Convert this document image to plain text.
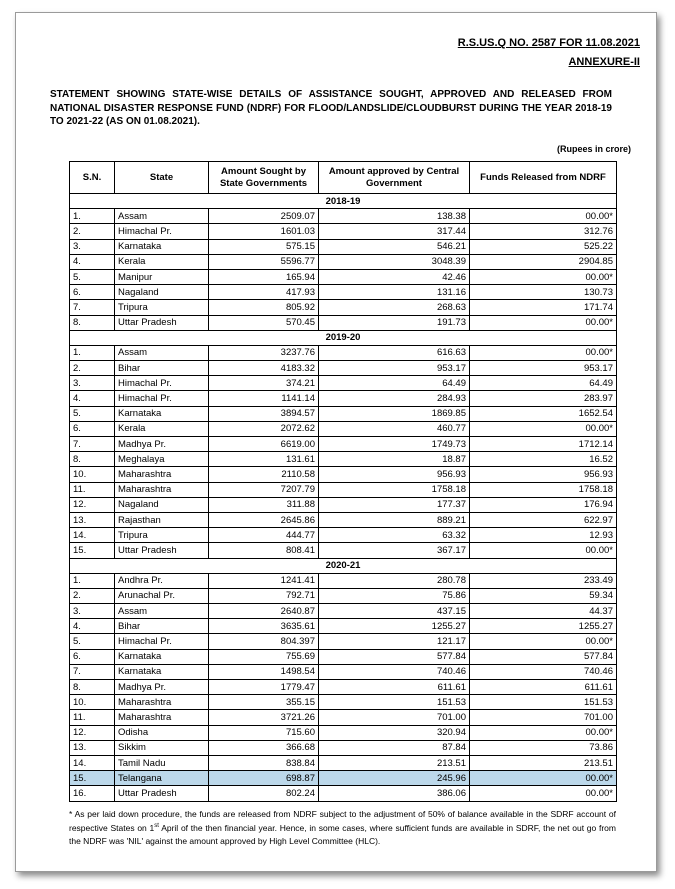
R.S.US.Q NO. 2587 FOR 11.08.2021
ANNEXURE-II
STATEMENT SHOWING STATE-WISE DETAILS OF ASSISTANCE SOUGHT, APPROVED AND RELEASED FROM NATIONAL DISASTER RESPONSE FUND (NDRF) FOR FLOOD/LANDSLIDE/CLOUDBURST DURING THE YEAR 2018-19 TO 2021-22 (AS ON 01.08.2021).
(Rupees in crore)
S.N.	State	Amount Sought by State Governments	Amount approved by Central Government	Funds Released from NDRF
2018-19				
1.	Assam	2509.07	138.38	00.00*
2.	Himachal Pr.	1601.03	317.44	312.76
3.	Karnataka	575.15	546.21	525.22
4.	Kerala	5596.77	3048.39	2904.85
5.	Manipur	165.94	42.46	00.00*
6.	Nagaland	417.93	131.16	130.73
7.	Tripura	805.92	268.63	171.74
8.	Uttar Pradesh	570.45	191.73	00.00*
2019-20				
1.	Assam	3237.76	616.63	00.00*
2.	Bihar	4183.32	953.17	953.17
3.	Himachal Pr.	374.21	64.49	64.49
4.	Himachal Pr.	1141.14	284.93	283.97
5.	Karnataka	3894.57	1869.85	1652.54
6.	Kerala	2072.62	460.77	00.00*
7.	Madhya Pr.	6619.00	1749.73	1712.14
8.	Meghalaya	131.61	18.87	16.52
10.	Maharashtra	2110.58	956.93	956.93
11.	Maharashtra	7207.79	1758.18	1758.18
12.	Nagaland	311.88	177.37	176.94
13.	Rajasthan	2645.86	889.21	622.97
14.	Tripura	444.77	63.32	12.93
15.	Uttar Pradesh	808.41	367.17	00.00*
2020-21				
1.	Andhra Pr.	1241.41	280.78	233.49
2.	Arunachal Pr.	792.71	75.86	59.34
3.	Assam	2640.87	437.15	44.37
4.	Bihar	3635.61	1255.27	1255.27
5.	Himachal Pr.	804.397	121.17	00.00*
6.	Karnataka	755.69	577.84	577.84
7.	Karnataka	1498.54	740.46	740.46
8.	Madhya Pr.	1779.47	611.61	611.61
10.	Maharashtra	355.15	151.53	151.53
11.	Maharashtra	3721.26	701.00	701.00
12.	Odisha	715.60	320.94	00.00*
13.	Sikkim	366.68	87.84	73.86
14.	Tamil Nadu	838.84	213.51	213.51
15.	Telangana	698.87	245.96	00.00*
16.	Uttar Pradesh	802.24	386.06	00.00*
* As per laid down procedure, the funds are released from NDRF subject to the adjustment of 50% of balance available in the SDRF account of respective States on 1st April of the then financial year. Hence, in some cases, where sufficient funds are available in SDRF, the net out go from the NDRF was 'NIL' against the amount approved by High Level Committee (HLC).
